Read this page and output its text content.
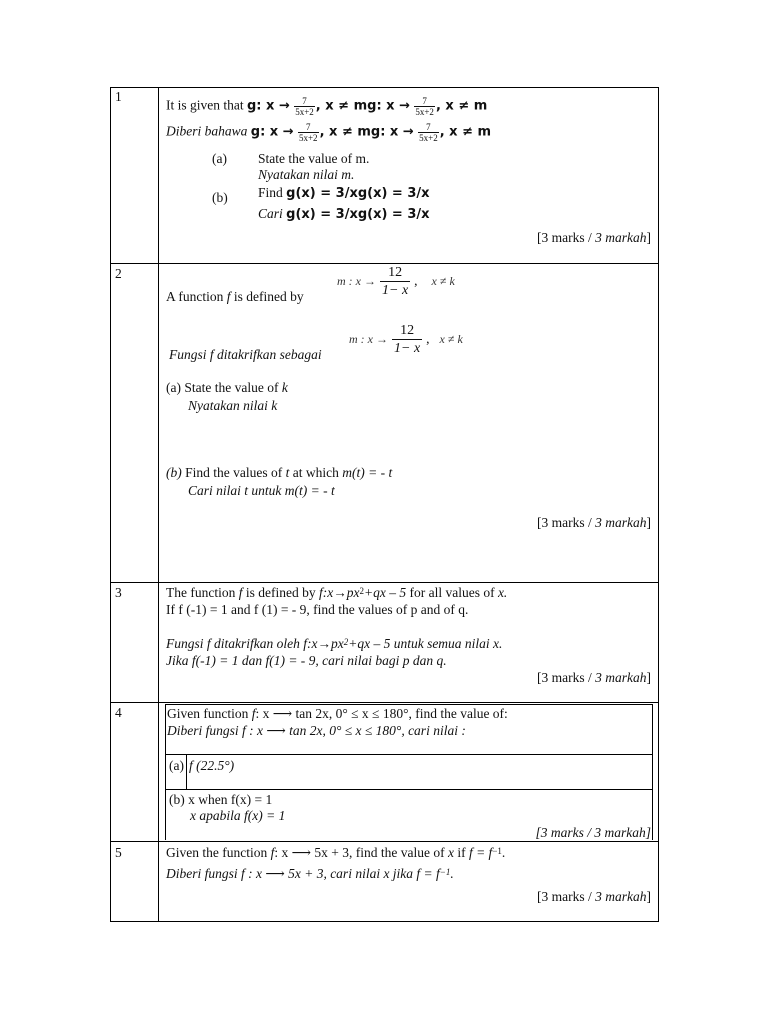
1
It is given that g: $x \to \frac{7}{5x+2}$ , x ≠ mg: $x \to \frac{7}{5x+2}$ , x ≠ m
Diberi bahawa g: $x \to \frac{7}{5x+2}$ , x ≠ mg: $x \to \frac{7}{5x+2}$ , x ≠ m
(a) State the value of m.
Nyatakan nilai m.
(b) Find g(x) = 3/xg(x) = 3/x
Cari g(x) = 3/xg(x) = 3/x
[3 marks / 3 markah]
2
A function f is defined by
m : $x \to \frac{12}{1- x}$ , x ≠ k
Fungsi f ditakrifkan sebagai
m : $x \to \frac{12}{1- x}$ , x ≠ k
(a) State the value of k
Nyatakan nilai k
(b) Find the values of t at which m(t) = - t
Cari nilai t untuk m(t) = - t
[3 marks / 3 markah]
3	The function f is defined by $f:x\to px^2+qx - 5$ for all values of x.
If f (-1) = 1 and f (1) = - 9, find the values of p and of q.
Fungsi f ditakrifkan oleh $f:x\to px^2+qx - 5$ untuk semua nilai x.
Jika f(-1) = 1 dan f(1) = - 9, cari nilai bagi p dan q.
[3 marks / 3 markah]
4	Given function f: x ⟶ tan 2x, 0° ≤ x ≤ 180°, find the value of:
Diberi fungsi f : x ⟶ tan 2x, 0° ≤ x ≤ 180°, cari nilai :
(a) f (22.5°)
(b) x when f(x) = 1
x apabila f(x) = 1
[3 marks / 3 markah]
5	Given the function f: x ⟶ 5x + 3, find the value of x if $f = f^{-1}$.
Diberi fungsi f : x ⟶ 5x + 3, cari nilai x jika $f = f^{-1}$.
[3 marks / 3 markah]
